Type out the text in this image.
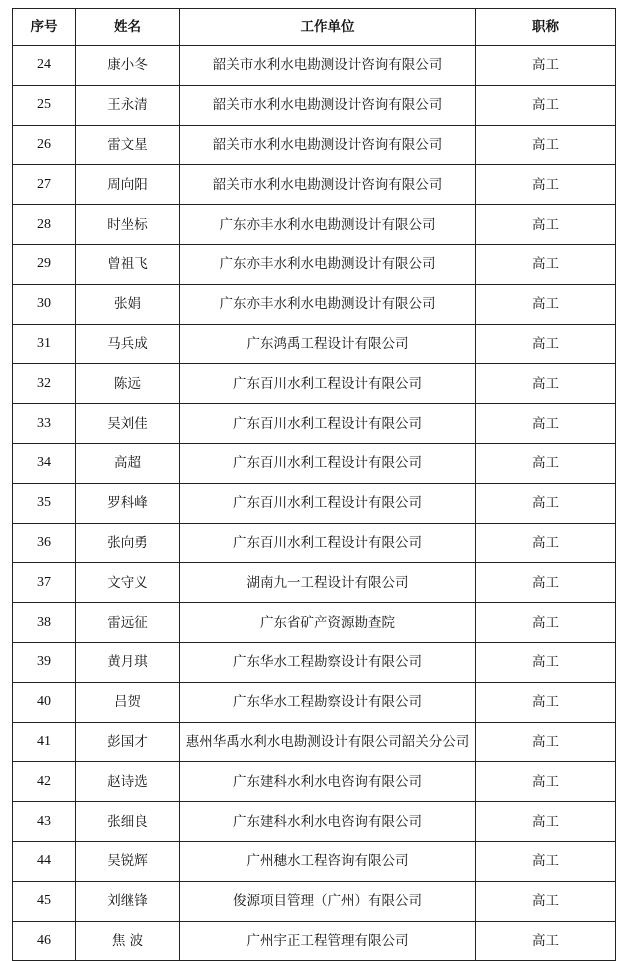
序号	姓名	工作单位	职称
24	康小冬	韶关市水利水电勘测设计咨询有限公司	高工
25	王永清	韶关市水利水电勘测设计咨询有限公司	高工
26	雷文星	韶关市水利水电勘测设计咨询有限公司	高工
27	周向阳	韶关市水利水电勘测设计咨询有限公司	高工
28	时坐标	广东亦丰水利水电勘测设计有限公司	高工
29	曾祖飞	广东亦丰水利水电勘测设计有限公司	高工
30	张娟	广东亦丰水利水电勘测设计有限公司	高工
31	马兵成	广东鸿禹工程设计有限公司	高工
32	陈远	广东百川水利工程设计有限公司	高工
33	吴刘佳	广东百川水利工程设计有限公司	高工
34	高超	广东百川水利工程设计有限公司	高工
35	罗科峰	广东百川水利工程设计有限公司	高工
36	张向勇	广东百川水利工程设计有限公司	高工
37	文守义	湖南九一工程设计有限公司	高工
38	雷远征	广东省矿产资源勘查院	高工
39	黄月琪	广东华水工程勘察设计有限公司	高工
40	吕贺	广东华水工程勘察设计有限公司	高工
41	彭国才	惠州华禹水利水电勘测设计有限公司韶关分公司	高工
42	赵诗选	广东建科水利水电咨询有限公司	高工
43	张细良	广东建科水利水电咨询有限公司	高工
44	吴锐辉	广州穗水工程咨询有限公司	高工
45	刘继锋	俊源项目管理（广州）有限公司	高工
46	焦 波	广州宇正工程管理有限公司	高工
